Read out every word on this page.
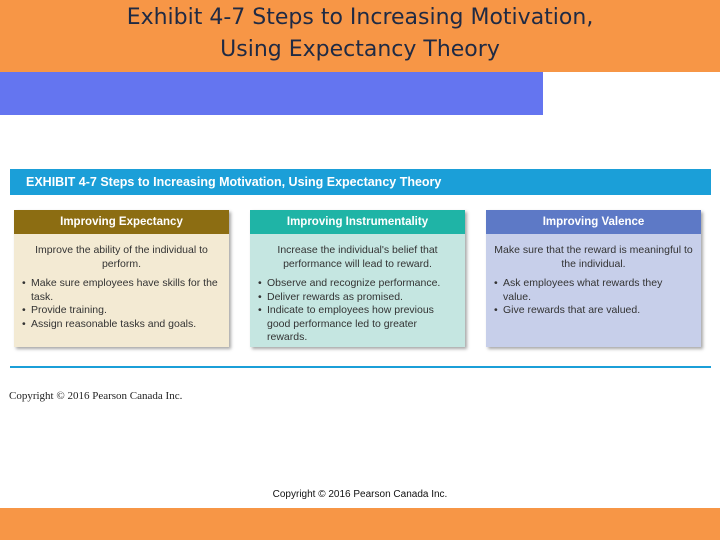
Exhibit 4-7 Steps to Increasing Motivation,
Using Expectancy Theory
EXHIBIT 4-7 Steps to Increasing Motivation, Using Expectancy Theory
Improving Expectancy

Improve the ability of the individual to perform.

• Make sure employees have skills for the task.
• Provide training.
• Assign reasonable tasks and goals.
Improving Instrumentality

Increase the individual's belief that performance will lead to reward.

• Observe and recognize performance.
• Deliver rewards as promised.
• Indicate to employees how previous good performance led to greater rewards.
Improving Valence

Make sure that the reward is meaningful to the individual.

• Ask employees what rewards they value.
• Give rewards that are valued.
Copyright © 2016 Pearson Canada Inc.
Copyright © 2016 Pearson Canada Inc.
